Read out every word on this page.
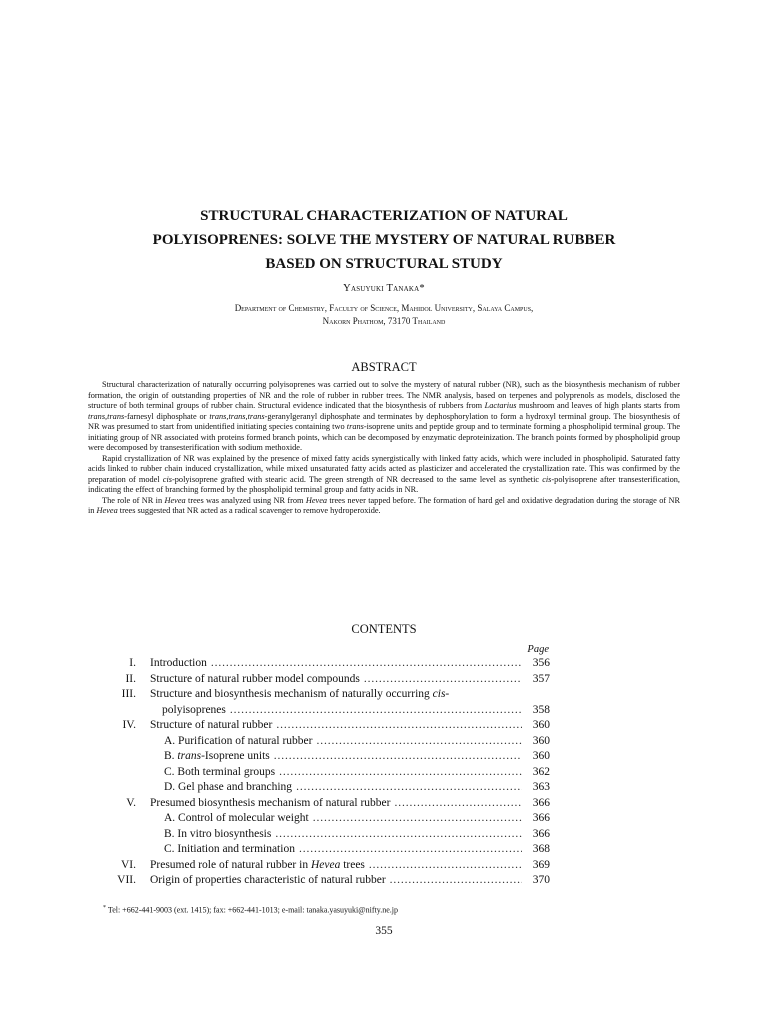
STRUCTURAL CHARACTERIZATION OF NATURAL
POLYISOPRENES: SOLVE THE MYSTERY OF NATURAL RUBBER
BASED ON STRUCTURAL STUDY
Yasuyuki Tanaka*
Department of Chemistry, Faculty of Science, Mahidol University, Salaya Campus,
Nakorn Phathom, 73170 Thailand
ABSTRACT

Structural characterization of naturally occurring polyisoprenes was carried out to solve the mystery of natural rubber (NR), such as the biosynthesis mechanism of rubber formation, the origin of outstanding properties of NR and the role of rubber in rubber trees. The NMR analysis, based on terpenes and polyprenols as models, disclosed the structure of both terminal groups of rubber chain. Structural evidence indicated that the biosynthesis of rubbers from Lactarius mushroom and leaves of high plants starts from trans,trans-farnesyl diphosphate or trans,trans,trans-geranylgeranyl diphosphate and terminates by dephosphorylation to form a hydroxyl terminal group. The biosynthesis of NR was presumed to start from unidentified initiating species containing two trans-isoprene units and peptide group and to terminate forming a phospholipid terminal group. The initiating group of NR associated with proteins formed branch points, which can be decomposed by enzymatic deproteinization. The branch points formed by phospholipid group were decomposed by transesterification with sodium methoxide.

Rapid crystallization of NR was explained by the presence of mixed fatty acids synergistically with linked fatty acids, which were included in phospholipid. Saturated fatty acids linked to rubber chain induced crystallization, while mixed unsaturated fatty acids acted as plasticizer and accelerated the crystallization rate. This was confirmed by the preparation of model cis-polyisoprene grafted with stearic acid. The green strength of NR decreased to the same level as synthetic cis-polyisoprene after transesterification, indicating the effect of branching formed by the phospholipid terminal group and fatty acids in NR.

The role of NR in Hevea trees was analyzed using NR from Hevea trees never tapped before. The formation of hard gel and oxidative degradation during the storage of NR in Hevea trees suggested that NR acted as a radical scavenger to remove hydroperoxide.

CONTENTS
Page
I. Introduction . . .	356
II. Structure of natural rubber model compounds . . .	357
III. Structure and biosynthesis mechanism of naturally occurring cis-
polyisoprenes . . .	358
IV. Structure of natural rubber . . .	360
A. Purification of natural rubber . . .	360
B. trans-Isoprene units . . .	360
C. Both terminal groups . . .	362
D. Gel phase and branching . . .	363
V. Presumed biosynthesis mechanism of natural rubber . . .	366
A. Control of molecular weight . . .	366
B. In vitro biosynthesis . . .	366
C. Initiation and termination . . .	368
VI. Presumed role of natural rubber in Hevea trees . . .	369
VII. Origin of properties characteristic of natural rubber . . .	370
* Tel: +662-441-9003 (ext. 1415); fax: +662-441-1013; e-mail: tanaka.yasuyuki@nifty.ne.jp
355
